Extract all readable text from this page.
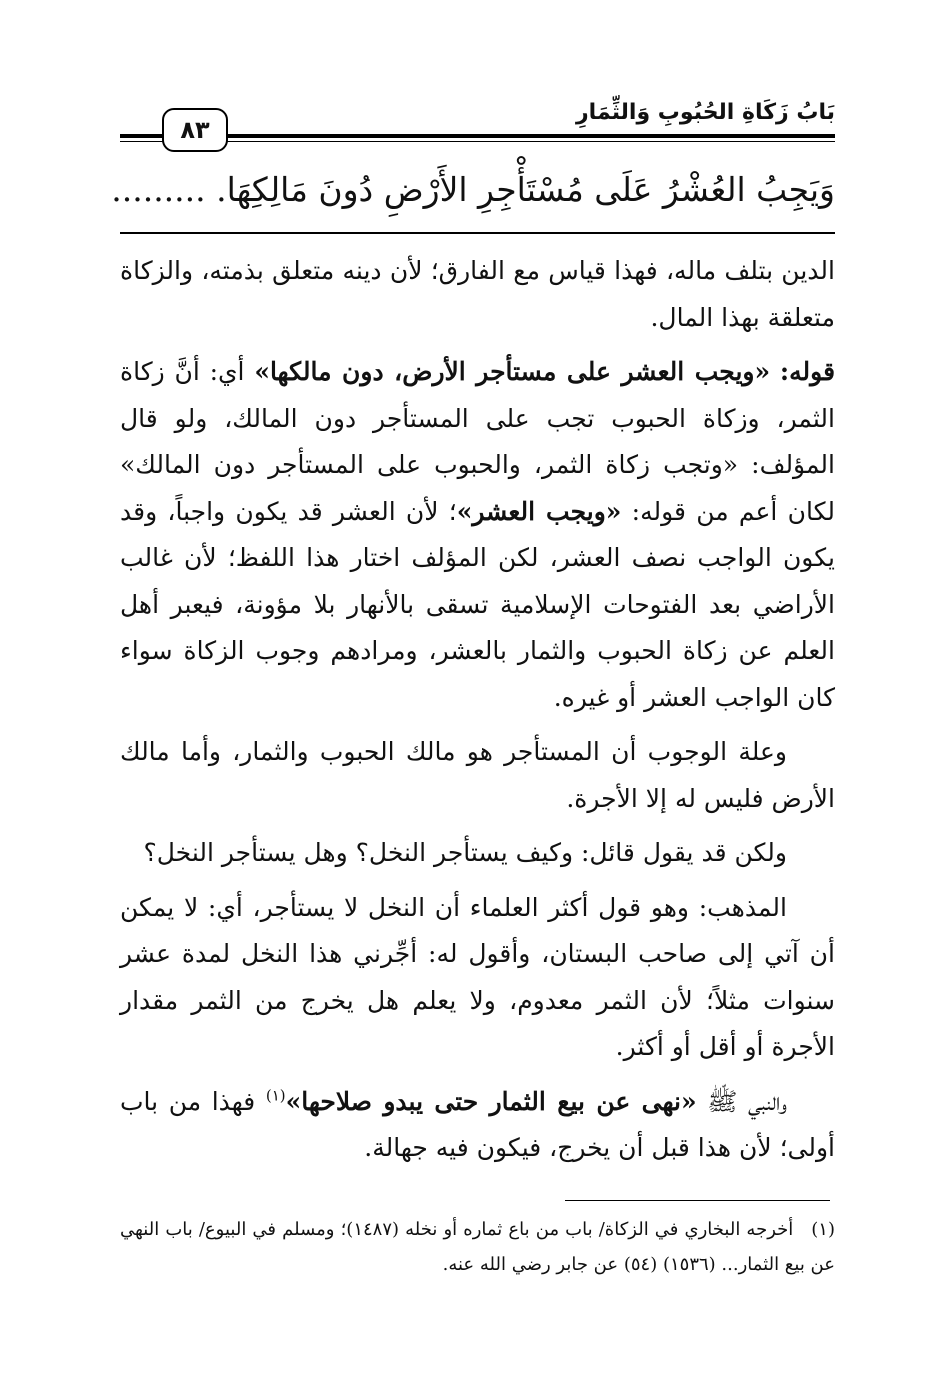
٨٣
بَابُ زَكَاةِ الحُبُوبِ وَالثِّمَارِ
وَيَجِبُ العُشْرُ عَلَى مُسْتَأْجِرِ الأَرْضِ دُونَ مَالِكِهَا. .........

الدين بتلف ماله، فهذا قياس مع الفارق؛ لأن دينه متعلق بذمته، والزكاة متعلقة بهذا المال.

قوله: «ويجب العشر على مستأجر الأرض، دون مالكها» أي: أنَّ زكاة الثمر، وزكاة الحبوب تجب على المستأجر دون المالك، ولو قال المؤلف: «وتجب زكاة الثمر، والحبوب على المستأجر دون المالك» لكان أعم من قوله: «ويجب العشر»؛ لأن العشر قد يكون واجباً، وقد يكون الواجب نصف العشر، لكن المؤلف اختار هذا اللفظ؛ لأن غالب الأراضي بعد الفتوحات الإسلامية تسقى بالأنهار بلا مؤونة، فيعبر أهل العلم عن زكاة الحبوب والثمار بالعشر، ومرادهم وجوب الزكاة سواء كان الواجب العشر أو غيره.

وعلة الوجوب أن المستأجر هو مالك الحبوب والثمار، وأما مالك الأرض فليس له إلا الأجرة.

ولكن قد يقول قائل: وكيف يستأجر النخل؟ وهل يستأجر النخل؟

المذهب: وهو قول أكثر العلماء أن النخل لا يستأجر، أي: لا يمكن أن آتي إلى صاحب البستان، وأقول له: أجِّرني هذا النخل لمدة عشر سنوات مثلاً؛ لأن الثمر معدوم، ولا يعلم هل يخرج من الثمر مقدار الأجرة أو أقل أو أكثر.

والنبي ﷺ «نهى عن بيع الثمار حتى يبدو صلاحها»$^{(١)}$ فهذا من باب أولى؛ لأن هذا قبل أن يخرج، فيكون فيه جهالة.

(١)أخرجه البخاري في الزكاة/ باب من باع ثماره أو نخله (١٤٨٧)؛ ومسلم في البيوع/ باب النهي عن بيع الثمار... (١٥٣٦) (٥٤) عن جابر رضي الله عنه.
